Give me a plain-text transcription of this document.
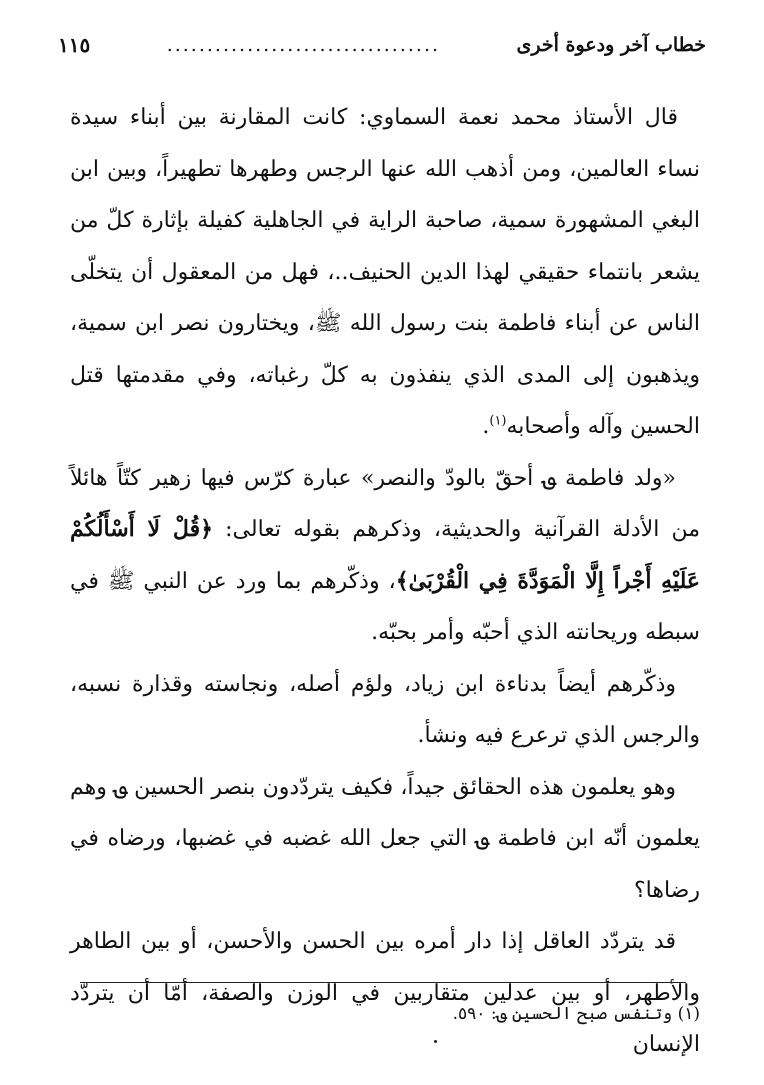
خطاب آخر ودعوة أخرى
..................................
١١٥

قال الأستاذ محمد نعمة السماوي: كانت المقارنة بين أبناء سيدة نساء العالمين، ومن أذهب الله عنها الرجس وطهرها تطهيراً، وبين ابن البغي المشهورة سمية، صاحبة الراية في الجاهلية كفيلة بإثارة كلّ من يشعر بانتماء حقيقي لهذا الدين الحنيف..، فهل من المعقول أن يتخلّى الناس عن أبناء فاطمة بنت رسول الله ﷺ، ويختارون نصر ابن سمية، ويذهبون إلى المدى الذي ينفذون به كلّ رغباته، وفي مقدمتها قتل الحسين وآله وأصحابه$^{(١)}$.

«ولد فاطمة ؈ أحقّ بالودّ والنصر» عبارة كرّس فيها زهير كتّاً هائلاً من الأدلة القرآنية والحديثية، وذكرهم بقوله تعالى: ﴿قُلْ لَا أَسْأَلُكُمْ عَلَيْهِ أَجْراً إِلَّا الْمَوَدَّةَ فِي الْقُرْبَىٰ﴾، وذكّرهم بما ورد عن النبي ﷺ في سبطه وريحانته الذي أحبّه وأمر بحبّه.

وذكّرهم أيضاً بدناءة ابن زياد، ولؤم أصله، ونجاسته وقذارة نسبه، والرجس الذي ترعرع فيه ونشأ.

وهو يعلمون هذه الحقائق جيداً، فكيف يتردّدون بنصر الحسين ؈ وهم يعلمون أنّه ابن فاطمة ؈ التي جعل الله غضبه في غضبها، ورضاه في رضاها؟

قد يتردّد العاقل إذا دار أمره بين الحسن والأحسن، أو بين الطاهر والأطهر، أو بين عدلين متقاربين في الوزن والصفة، أمّا أن يتردّد الإنسان

(١) وتنفس صبح الحسين ؈: ٥٩٠.
